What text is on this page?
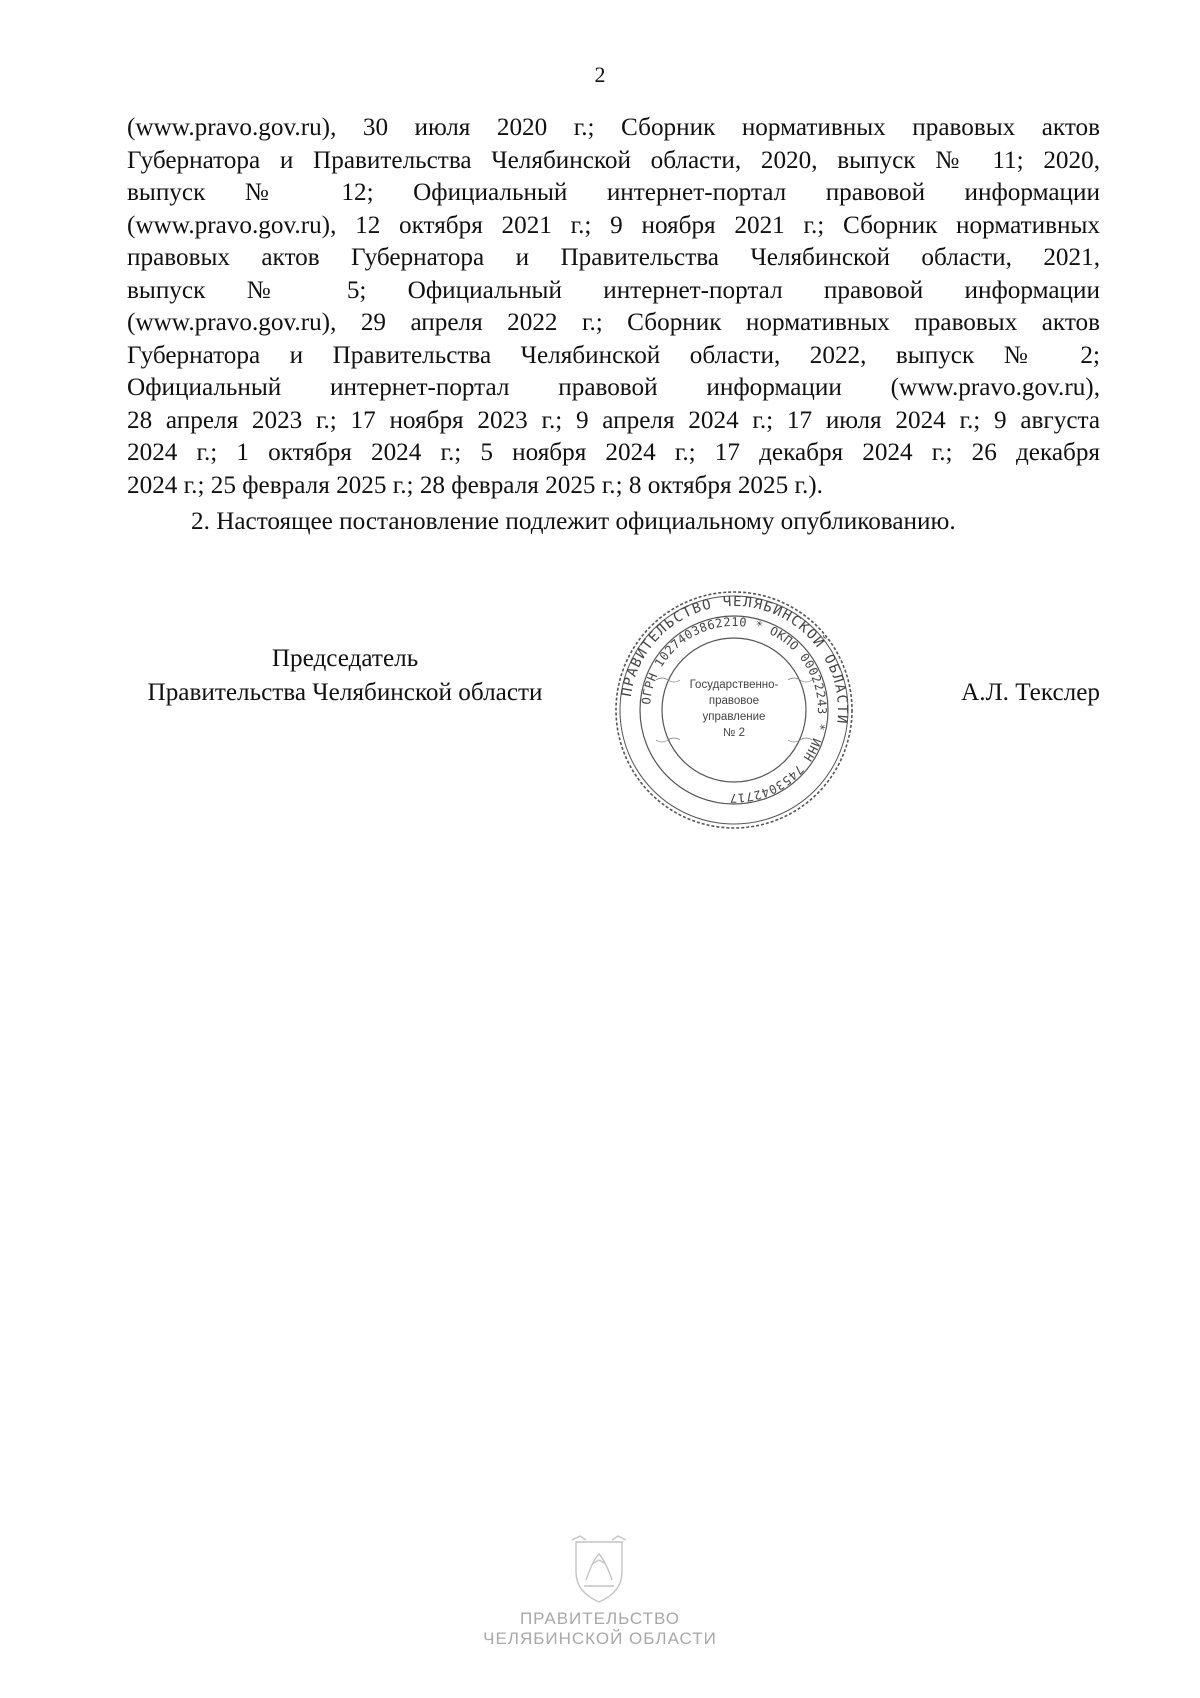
2

(www.pravo.gov.ru), 30 июля 2020 г.; Сборник нормативных правовых актов
Губернатора и Правительства Челябинской области, 2020, выпуск № 11; 2020,
выпуск № 12; Официальный интернет-портал правовой информации
(www.pravo.gov.ru), 12 октября 2021 г.; 9 ноября 2021 г.; Сборник нормативных
правовых актов Губернатора и Правительства Челябинской области, 2021,
выпуск № 5; Официальный интернет-портал правовой информации
(www.pravo.gov.ru), 29 апреля 2022 г.; Сборник нормативных правовых актов
Губернатора и Правительства Челябинской области, 2022, выпуск № 2;
Официальный интернет-портал правовой информации (www.pravo.gov.ru),
28 апреля 2023 г.; 17 ноября 2023 г.; 9 апреля 2024 г.; 17 июля 2024 г.; 9 августа
2024 г.; 1 октября 2024 г.; 5 ноября 2024 г.; 17 декабря 2024 г.; 26 декабря

2024 г.; 25 февраля 2025 г.; 28 февраля 2025 г.; 8 октября 2025 г.).

2. Настоящее постановление подлежит официальному опубликованию.

Председатель
Правительства Челябинской области	А.Л. Текслер
ПРАВИТЕЛЬСТВО ЧЕЛЯБИНСКОЙ ОБЛАСТИ
ОГРН 1027403862210 * ОКПО 00022243 * ИНН 7453042717
Государственно-
правовое
управление
№ 2
ПРАВИТЕЛЬСТВО
ЧЕЛЯБИНСКОЙ ОБЛАСТИ
